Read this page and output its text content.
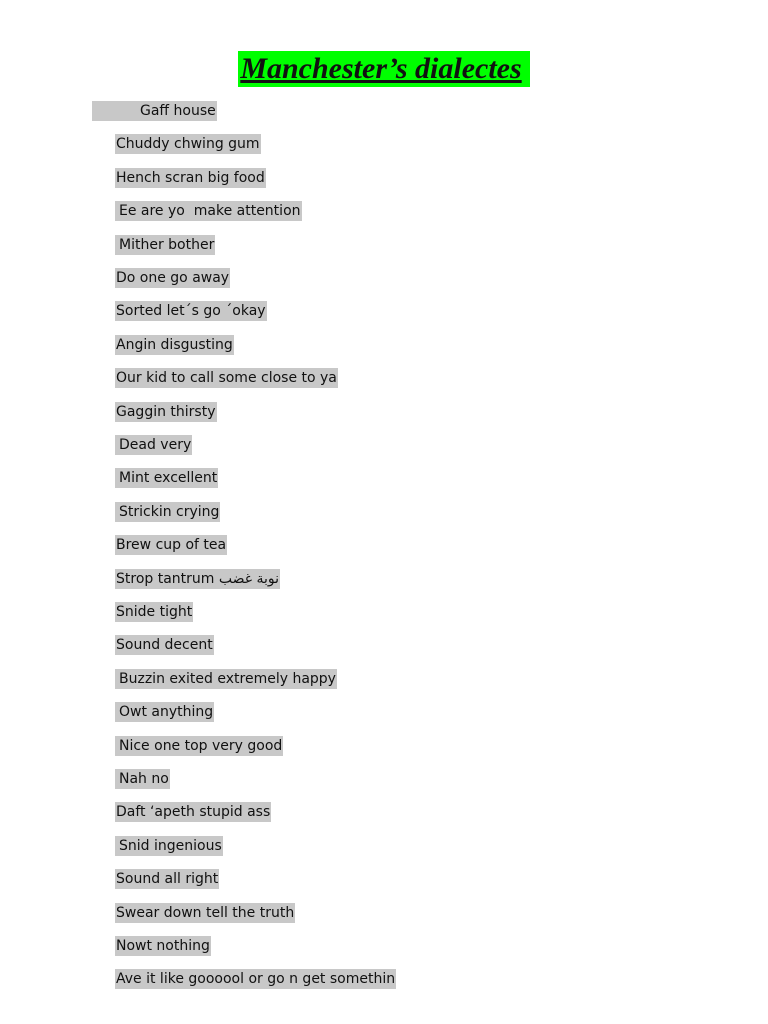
Manchester’s dialectes
Gaff house
Chuddy chwing gum
Hench scran big food
Ee are yo  make attention
Mither bother
Do one go away
Sorted let´s go ´okay
Angin disgusting
Our kid to call some close to ya
Gaggin thirsty
Dead very
Mint excellent
Strickin crying
Brew cup of tea
Strop tantrum نوبة غضب
Snide tight
Sound decent
Buzzin exited extremely happy
Owt anything
Nice one top very good
Nah no
Daft ‘apeth stupid ass
Snid ingenious
Sound all right
Swear down tell the truth
Nowt nothing
Ave it like goooool or go n get somethin
